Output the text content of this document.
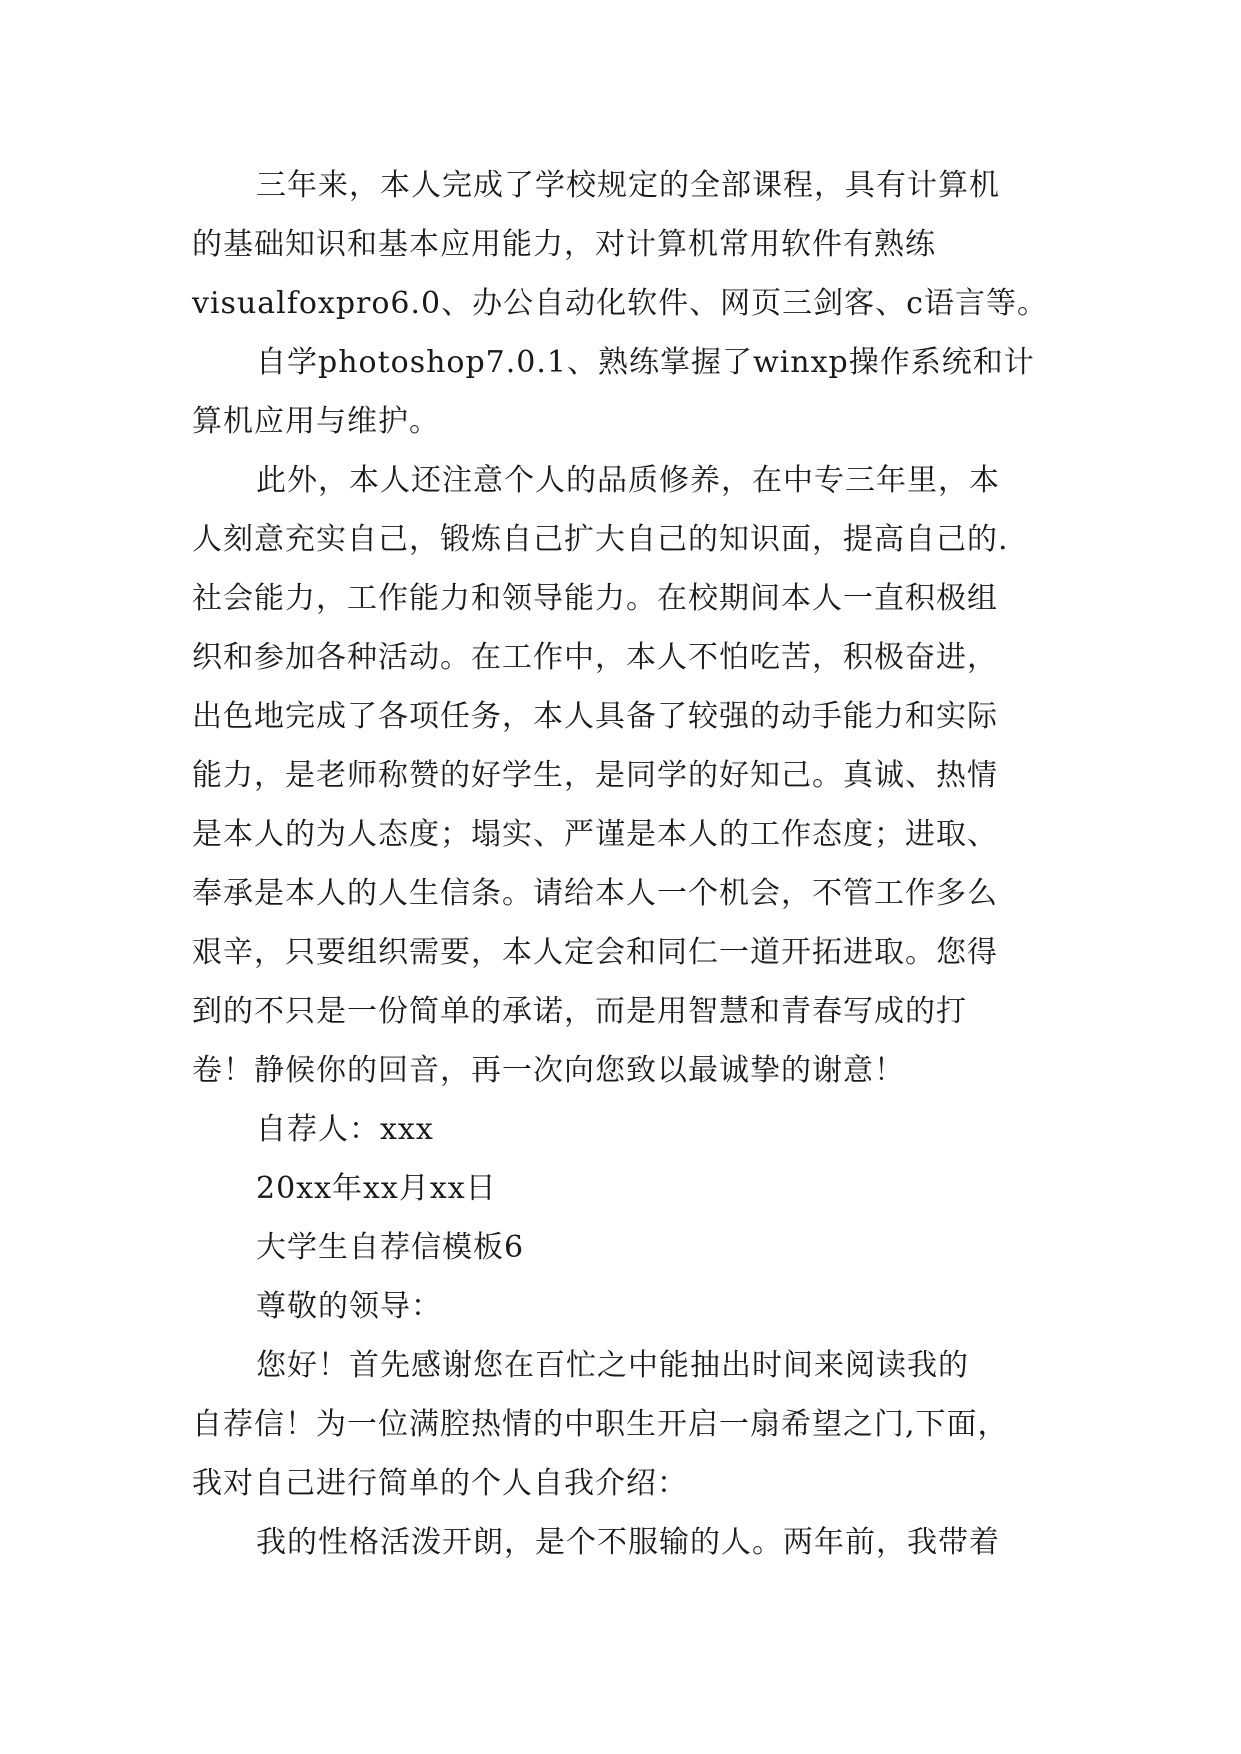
三年来，本人完成了学校规定的全部课程，具有计算机
的基础知识和基本应用能力，对计算机常用软件有熟练
visualfoxpro6.0、办公自动化软件、网页三剑客、c语言等。
自学photoshop7.0.1、熟练掌握了winxp操作系统和计
算机应用与维护。
此外，本人还注意个人的品质修养，在中专三年里，本
人刻意充实自己，锻炼自己扩大自己的知识面，提高自己的.
社会能力，工作能力和领导能力。在校期间本人一直积极组
织和参加各种活动。在工作中，本人不怕吃苦，积极奋进，
出色地完成了各项任务，本人具备了较强的动手能力和实际
能力，是老师称赞的好学生，是同学的好知己。真诚、热情
是本人的为人态度；塌实、严谨是本人的工作态度；进取、
奉承是本人的人生信条。请给本人一个机会，不管工作多么
艰辛，只要组织需要，本人定会和同仁一道开拓进取。您得
到的不只是一份简单的承诺，而是用智慧和青春写成的打
卷！静候你的回音，再一次向您致以最诚挚的谢意！
自荐人：xxx
20xx年xx月xx日
大学生自荐信模板6
尊敬的领导：
您好！首先感谢您在百忙之中能抽出时间来阅读我的
自荐信！为一位满腔热情的中职生开启一扇希望之门,下面，
我对自己进行简单的个人自我介绍：
我的性格活泼开朗，是个不服输的人。两年前，我带着
